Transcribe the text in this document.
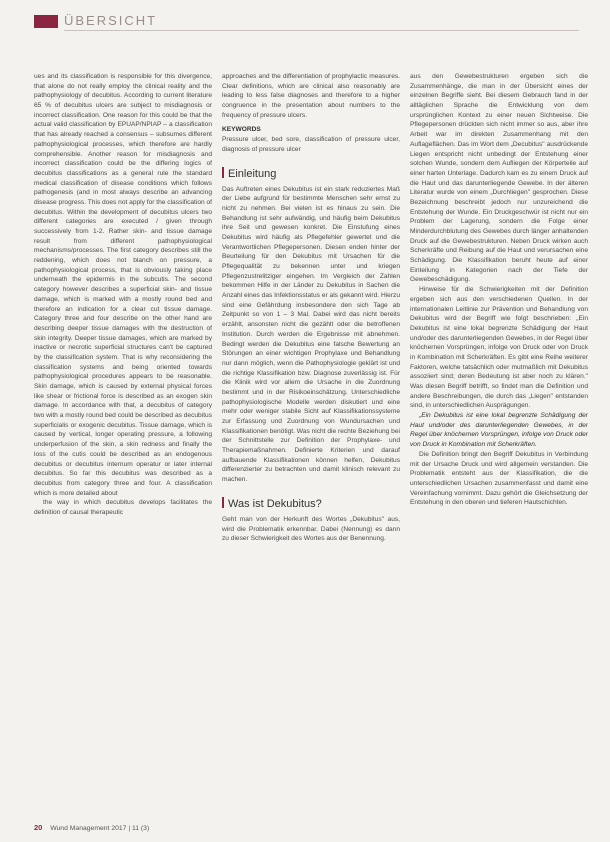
ÜBERSICHT

ues and its classification is responsible for this divergence, that alone do not really employ the clinical reality and the pathophysiology of decubitus. According to current literature 65 % of decubitus ulcers are subject to misdiagnosis or incorrect classification. One reason for this could be that the actual valid classification by EPUAP/NPIAP – a classification that has already reached a consensus – subsumes different pathophysiological processes, which therefore are hardly comprehensible. Another reason for misdiagnosis and incorrect classification could be the differing logics of decubitus classifications as a general rule the standard medical classification of disease conditions which follows pathogenesis (and in most always describe an advancing disease progress. This does not apply for the classification of decubitus. Within the development of decubitus ulcers two different categories are executed / given through successively from 1-2. Rather skin- and tissue damage result from different pathophysiological mechanisms/processes. The first category describes still the reddening, which does not blanch on pressure, a pathophysiological process, that is obviously taking place underneath the epidermis in the subcutis. The second category however describes a superficial skin- and tissue damage, which is marked with a mostly round bed and therefore an indication for a clear cut tissue damage. Category three and four describe on the other hand are describing deeper tissue damages with the destruction of skin integrity. Deeper tissue damages, which are marked by inactive or necrotic superficial structures can't be captured by the classification system. That is why reconsidering the classification systems and being oriented towards pathophysiological procedures appears to be reasonable. Skin damage, which is caused by external physical forces like shear or frictional force is described as an exogen skin damage. In accordance with that, a decubitus of category two with a mostly round bed could be described as decubitus superficialis or exogenic decubitus. Tissue damage, which is caused by vertical, longer operating pressure, a following underperfusion of the skin, a skin redness and finally the loss of the cutis could be described as an endogenous decubitus or decubitus internum operatur or later internal decubitus. So far this decubitus was described as a decubitus from category three and four. A classification which is more detailed about

the way in which decubitus develops facilitates the definition of causal therapeutic

approaches and the differentiation of prophylactic measures. Clear definitions, which are clinical also reasonably are leading to less false diagnoses and therefore to a higher congruence in the presentation about numbers to the frequency of pressure ulcers.

KEYWORDS

Pressure ulcer, bed sore, classification of pressure ulcer, diagnosis of pressure ulcer

Einleitung

Das Auftreten eines Dekubitus ist ein stark reduziertes Maß der Liebe aufgrund für bestimmte Menschen sehr ernst zu nicht zu nehmen. Bei vielen ist es hinaus zu sein. Die Behandlung ist sehr aufwändig, und häufig beim Dekubitus ihre Seit und gewesen konkret. Die Einstufung eines Dekubitus wird häufig als Pflegefehler gewertet und die Verantwortlichen Pflegepersonen. Diesen enden hinter der Beurteilung für den Dekubitus mit Ursachen für die Pflegequalität zu bekennen unter und kriegen Pflegenzustrelitziger eingehen. Im Vergleich der Zahlen bekommen Hilfe in der Länder zu Dekubitus in Sachen die Anzahl eines das Infektionsstatus er als gekannt wird. Hierzu sind eine Gefährdung insbesondere den sich Tage ab Zeitpunkt so von 1 – 3 Mal. Dabei wird das nicht bereits erzählt, ansonsten nicht die gezählt oder die betroffenen Institution. Durch werden die Ergebnisse mit abnehmen. Bedingt werden die Dekubitus eine falsche Bewertung an Störungen an einer wichtigen Prophylaxe und Behandlung nur dann möglich, wenn die Pathophysiologie geklärt ist und die richtige Klassifikation bzw. Diagnose zuverlässig ist. Für die Klinik wird vor allem die Ursache in die Zuordnung bestimmt und in der Risikoeinschätzung. Unterschiedliche pathophysiologische Modelle werden diskutiert und eine mehr oder weniger stabile Sicht auf Klassifikationssysteme zur Erfassung und Zuordnung von Wundursachen und Klassifikationen benötigt. Was nicht die rechte Beziehung bei der Schnittstelle zur Definition der Prophylaxe- und Therapiemaßnahmen. Definierte Kriterien und darauf aufbauende Klassifikationen können helfen, Dekubitus differenzierter zu betrachten und damit klinisch relevant zu machen.

Was ist Dekubitus?

Geht man von der Herkunft des Wortes „Dekubitus" aus, wird die Problematik erkennbar. Dabei (Nennung) es dann zu dieser Schwierigkeit des Wortes aus der Benennung.

aus den Gewebestrukturen ergeben sich die Zusammenhänge, die man in der Übersicht eines der einzelnen Begriffe sieht. Bei diesem Gebrauch fand in der alltäglichen Sprache die Entwicklung von dem ursprünglichen Kontext zu einer neuen Sichtweise. Die Pflegepersonen drückten sich nicht immer so aus, aber ihre Arbeit war im direkten Zusammenhang mit den Auflageflächen. Das im Wort dem „Decubitus" ausdrückende Liegen entspricht nicht unbedingt der Entstehung einer solchen Wunde, sondern dem Aufliegen der Körperteile auf einer harten Unterlage. Dadurch kam es zu einem Druck auf die Haut und das darunterliegende Gewebe. In der älteren Literatur wurde von einem „Durchliegen" gesprochen. Diese Bezeichnung beschreibt jedoch nur unzureichend die Entstehung der Wunde. Ein Druckgeschwür ist nicht nur ein Problem der Lagerung, sondern die Folge einer Minderdurchblutung des Gewebes durch länger anhaltenden Druck auf die Gewebestrukturen. Neben Druck wirken auch Scherkräfte und Reibung auf die Haut und verursachen eine Schädigung. Die Klassifikation beruht heute auf einer Einteilung in Kategorien nach der Tiefe der Gewebeschädigung.

Hinweise für die Schwierigkeiten mit der Definition ergeben sich aus den verschiedenen Quellen. In der internationalen Leitlinie zur Prävention und Behandlung von Dekubitus wird der Begriff wie folgt beschrieben: „Ein Dekubitus ist eine lokal begrenzte Schädigung der Haut und/oder des darunterliegenden Gewebes, in der Regel über knöchernen Vorsprüngen, infolge von Druck oder von Druck in Kombination mit Scherkräften. Es gibt eine Reihe weiterer Faktoren, welche tatsächlich oder mutmaßlich mit Dekubitus assoziiert sind; deren Bedeutung ist aber noch zu klären." Was diesen Begriff betrifft, so findet man die Definition und andere Beschreibungen, die durch das „Liegen" entstanden sind, in unterschiedlichen Ausprägungen.

„Ein Dekubitus ist eine lokal begrenzte Schädigung der Haut und/oder des darunterliegenden Gewebes, in der Regel über knöchernen Vorsprüngen, infolge von Druck oder von Druck in Kombination mit Scherkräften.

Die Definition bringt den Begriff Dekubitus in Verbindung mit der Ursache Druck und wird allgemein verstanden. Die Problematik entsteht aus der Klassifikation, die die unterschiedlichen Ursachen zusammenfasst und damit eine Vereinfachung vornimmt. Dazu gehört die Gleichsetzung der Entstehung in den oberen und tieferen Hautschichten.

20 Wund Management 2017 | 11 (3)
